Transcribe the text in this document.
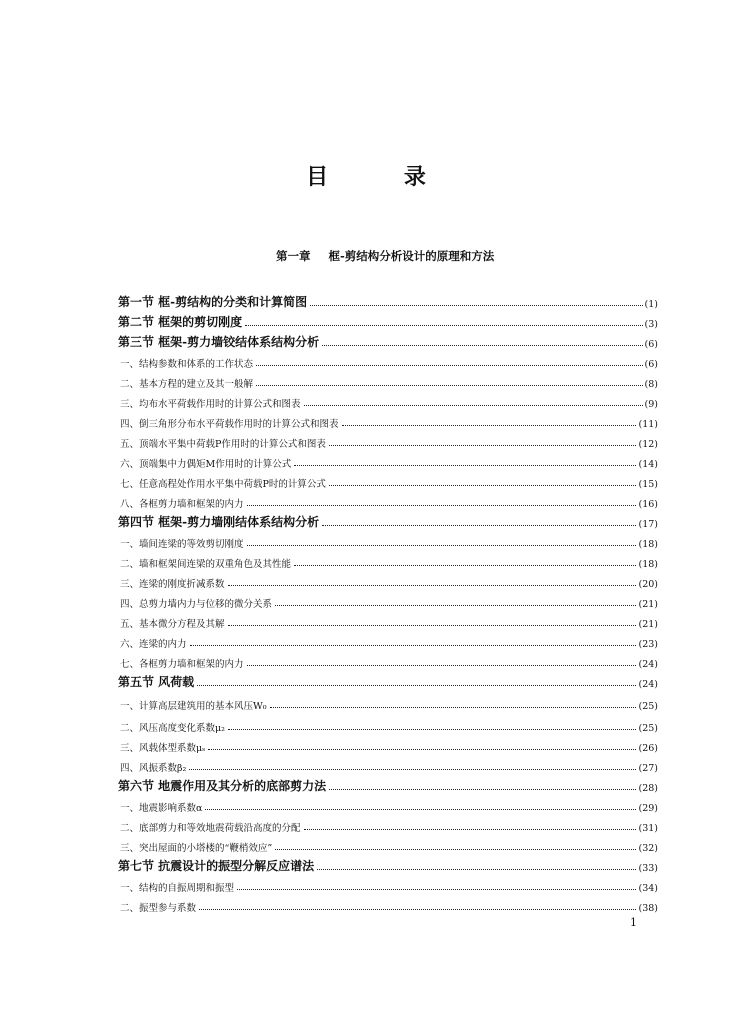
目 录
第一章 框-剪结构分析设计的原理和方法
第一节 框-剪结构的分类和计算简图	(1)
第二节 框架的剪切刚度	(3)
第三节 框架-剪力墙铰结体系结构分析	(6)
一、结构参数和体系的工作状态	(6)
二、基本方程的建立及其一般解	(8)
三、均布水平荷载作用时的计算公式和图表	(9)
四、倒三角形分布水平荷载作用时的计算公式和图表	(11)
五、顶端水平集中荷载P作用时的计算公式和图表	(12)
六、顶端集中力偶矩M作用时的计算公式	(14)
七、任意高程处作用水平集中荷载P时的计算公式	(15)
八、各框剪力墙和框架的内力	(16)
第四节 框架-剪力墙刚结体系结构分析	(17)
一、墙间连梁的等效剪切刚度	(18)
二、墙和框架间连梁的双重角色及其性能	(18)
三、连梁的刚度折减系数	(20)
四、总剪力墙内力与位移的微分关系	(21)
五、基本微分方程及其解	(21)
六、连梁的内力	(23)
七、各框剪力墙和框架的内力	(24)
第五节 风荷载	(24)
一、计算高层建筑用的基本风压W₀	(25)
二、风压高度变化系数μ₂	(25)
三、风载体型系数μₛ	(26)
四、风振系数β₂	(27)
第六节 地震作用及其分析的底部剪力法	(28)
一、地震影响系数α	(29)
二、底部剪力和等效地震荷载沿高度的分配	(31)
三、突出屋面的小塔楼的“鞭梢效应”	(32)
第七节 抗震设计的振型分解反应谱法	(33)
一、结构的自振周期和振型	(34)
二、振型参与系数	(38)
1
